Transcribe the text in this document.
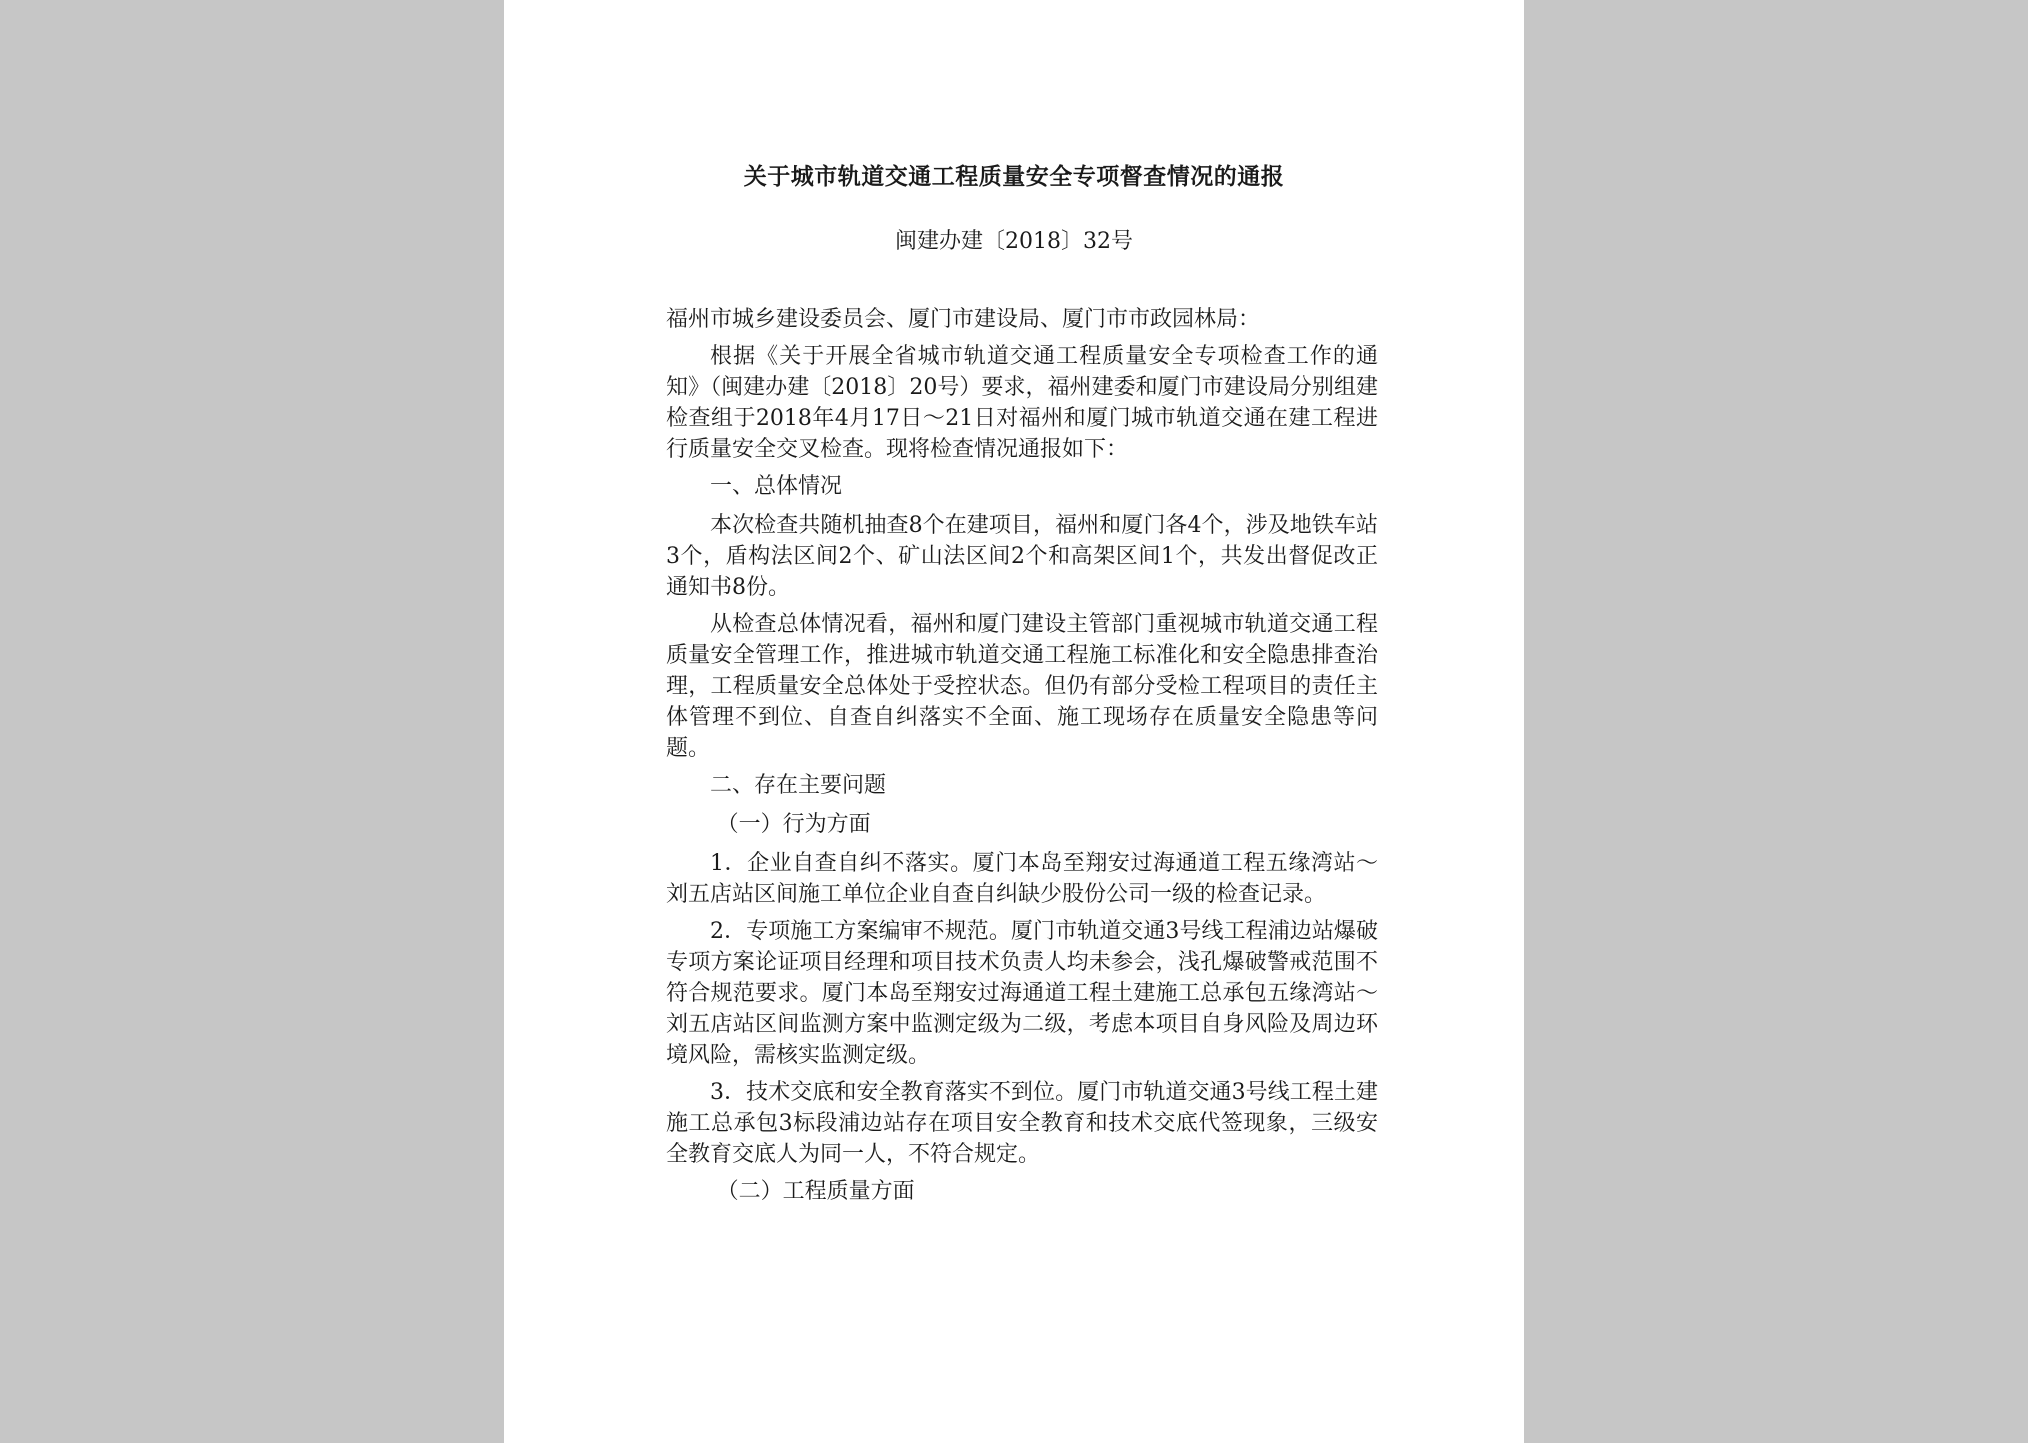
关于城市轨道交通工程质量安全专项督查情况的通报
闽建办建〔2018〕32号

福州市城乡建设委员会、厦门市建设局、厦门市市政园林局：

根据《关于开展全省城市轨道交通工程质量安全专项检查工作的通知》（闽建办建〔2018〕20号）要求，福州建委和厦门市建设局分别组建检查组于2018年4月17日～21日对福州和厦门城市轨道交通在建工程进行质量安全交叉检查。现将检查情况通报如下：

一、总体情况

本次检查共随机抽查8个在建项目，福州和厦门各4个，涉及地铁车站3个，盾构法区间2个、矿山法区间2个和高架区间1个，共发出督促改正通知书8份。

从检查总体情况看，福州和厦门建设主管部门重视城市轨道交通工程质量安全管理工作，推进城市轨道交通工程施工标准化和安全隐患排查治理，工程质量安全总体处于受控状态。但仍有部分受检工程项目的责任主体管理不到位、自查自纠落实不全面、施工现场存在质量安全隐患等问题。

二、存在主要问题

（一）行为方面

1．企业自查自纠不落实。厦门本岛至翔安过海通道工程五缘湾站～刘五店站区间施工单位企业自查自纠缺少股份公司一级的检查记录。

2．专项施工方案编审不规范。厦门市轨道交通3号线工程浦边站爆破专项方案论证项目经理和项目技术负责人均未参会，浅孔爆破警戒范围不符合规范要求。厦门本岛至翔安过海通道工程土建施工总承包五缘湾站～刘五店站区间监测方案中监测定级为二级，考虑本项目自身风险及周边环境风险，需核实监测定级。

3．技术交底和安全教育落实不到位。厦门市轨道交通3号线工程土建施工总承包3标段浦边站存在项目安全教育和技术交底代签现象，三级安全教育交底人为同一人，不符合规定。

（二）工程质量方面
